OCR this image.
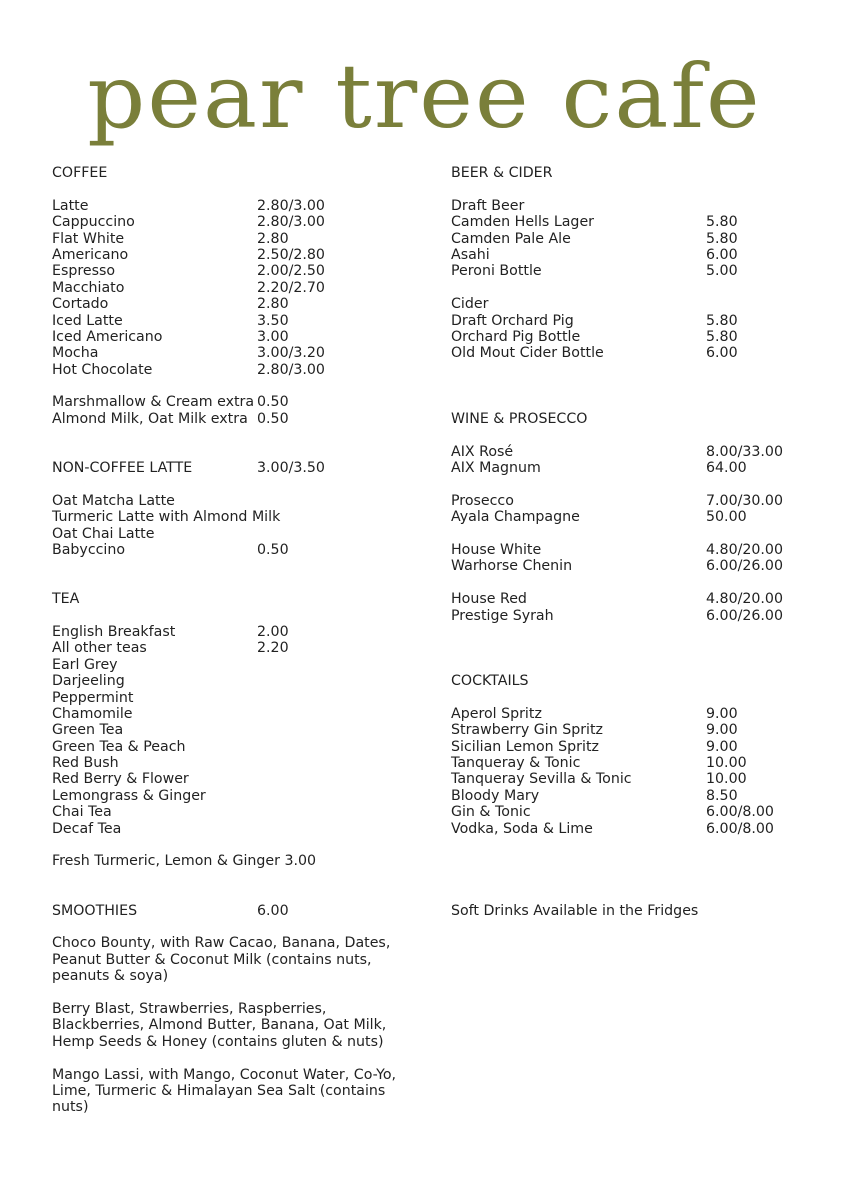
pear tree cafe
COFFEE
Latte	2.80/3.00
Cappuccino	2.80/3.00
Flat White	2.80
Americano	2.50/2.80
Espresso	2.00/2.50
Macchiato	2.20/2.70
Cortado	2.80
Iced Latte	3.50
Iced Americano	3.00
Mocha	3.00/3.20
Hot Chocolate	2.80/3.00
Marshmallow & Cream extra 0.50
Almond Milk, Oat Milk extra 0.50
NON-COFFEE LATTE	3.00/3.50
Oat Matcha Latte
Turmeric Latte with Almond Milk
Oat Chai Latte
Babyccino	0.50
TEA
English Breakfast	2.00
All other teas	2.20
Earl Grey
Darjeeling
Peppermint
Chamomile
Green Tea
Green Tea & Peach
Red Bush
Red Berry & Flower
Lemongrass & Ginger
Chai Tea
Decaf Tea
Fresh Turmeric, Lemon & Ginger 3.00
SMOOTHIES	6.00
Choco Bounty, with Raw Cacao, Banana, Dates, Peanut Butter & Coconut Milk (contains nuts, peanuts & soya)
Berry Blast, Strawberries, Raspberries, Blackberries, Almond Butter, Banana, Oat Milk, Hemp Seeds & Honey (contains gluten & nuts)
Mango Lassi, with Mango, Coconut Water, Co-Yo, Lime, Turmeric & Himalayan Sea Salt (contains nuts)
BEER & CIDER
Draft Beer
Camden Hells Lager	5.80
Camden Pale Ale	5.80
Asahi	6.00
Peroni Bottle	5.00
Cider
Draft Orchard Pig	5.80
Orchard Pig Bottle	5.80
Old Mout Cider Bottle	6.00
WINE & PROSECCO
AIX Rosé	8.00/33.00
AIX Magnum	64.00
Prosecco	7.00/30.00
Ayala Champagne	50.00
House White	4.80/20.00
Warhorse Chenin	6.00/26.00
House Red	4.80/20.00
Prestige Syrah	6.00/26.00
COCKTAILS
Aperol Spritz	9.00
Strawberry Gin Spritz	9.00
Sicilian Lemon Spritz	9.00
Tanqueray & Tonic	10.00
Tanqueray Sevilla & Tonic	10.00
Bloody Mary	8.50
Gin & Tonic	6.00/8.00
Vodka, Soda & Lime	6.00/8.00
Soft Drinks Available in the Fridges
